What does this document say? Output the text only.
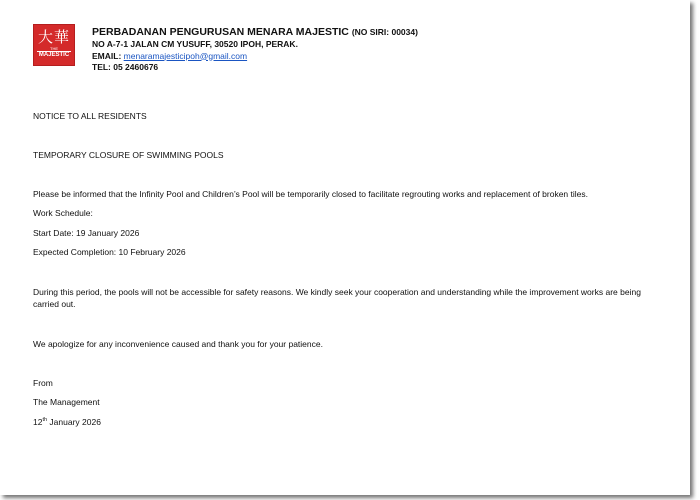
大華
THE
MAJESTIC
PERBADANAN PENGURUSAN MENARA MAJESTIC (NO SIRI: 00034)
NO A-7-1 JALAN CM YUSUFF, 30520 IPOH, PERAK.
EMAIL: menaramajesticipoh@gmail.com
TEL: 05 2460676
NOTICE TO ALL RESIDENTS
TEMPORARY CLOSURE OF SWIMMING POOLS
Please be informed that the Infinity Pool and Children’s Pool will be temporarily closed to facilitate regrouting works and replacement of broken tiles.
Work Schedule:
Start Date: 19 January 2026
Expected Completion: 10 February 2026
During this period, the pools will not be accessible for safety reasons. We kindly seek your cooperation and understanding while the improvement works are being carried out.
We apologize for any inconvenience caused and thank you for your patience.
From
The Management
12th January 2026
